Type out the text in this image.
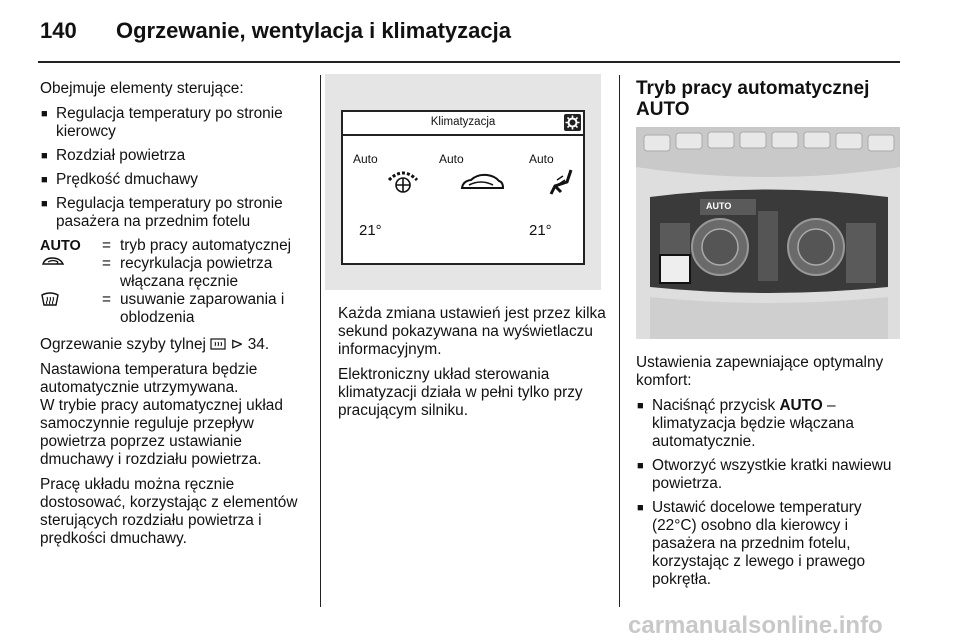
140 Ogrzewanie, wentylacja i klimatyzacja

Obejmuje elementy sterujące:

■ Regulacja temperatury po stronie kierowcy
■ Rozdział powietrza
■ Prędkość dmuchawy
■ Regulacja temperatury po stronie pasażera na przednim fotelu
AUTO	= tryb pracy automatycznej
= recyrkulacja powietrza włączana ręcznie
= usuwanie zaparowania i oblodzenia

Ogrzewanie szyby tylnej ⊳ 34.

Nastawiona temperatura będzie automatycznie utrzymywana.

W trybie pracy automatycznej układ samoczynnie reguluje przepływ powietrza poprzez ustawianie dmuchawy i rozdziału powietrza.

Pracę układu można ręcznie dostosować, korzystając z elementów sterujących rozdziału powietrza i prędkości dmuchawy.

Klimatyzacja
Auto	Auto	Auto
21°	21°

Każda zmiana ustawień jest przez kilka sekund pokazywana na wyświetlaczu informacyjnym.

Elektroniczny układ sterowania klimatyzacji działa w pełni tylko przy pracującym silniku.

Tryb pracy automatycznej AUTO
AUTO

Ustawienia zapewniające optymalny komfort:

■ Naciśnąć przycisk AUTO – klimatyzacja będzie włączana automatycznie.
■ Otworzyć wszystkie kratki nawiewu powietrza.
■ Ustawić docelowe temperatury (22°C) osobno dla kierowcy i pasażera na przednim fotelu, korzystając z lewego i prawego pokrętła.
carmanualsonline.info
